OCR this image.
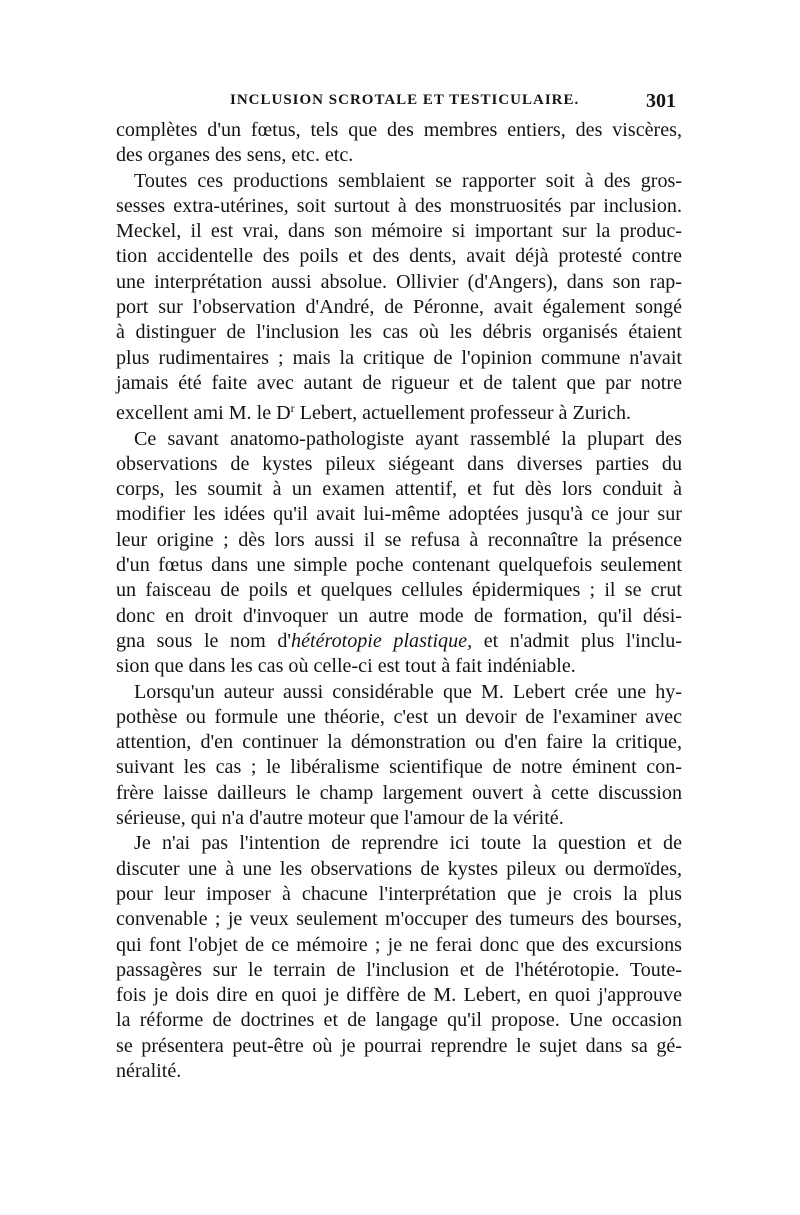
INCLUSION SCROTALE ET TESTICULAIRE.	301

complètes d'un fœtus, tels que des membres entiers, des viscères,
des organes des sens, etc. etc.

Toutes ces productions semblaient se rapporter soit à des gros-
sesses extra-utérines, soit surtout à des monstruosités par inclusion.
Meckel, il est vrai, dans son mémoire si important sur la produc-
tion accidentelle des poils et des dents, avait déjà protesté contre
une interprétation aussi absolue. Ollivier (d'Angers), dans son rap-
port sur l'observation d'André, de Péronne, avait également songé
à distinguer de l'inclusion les cas où les débris organisés étaient
plus rudimentaires ; mais la critique de l'opinion commune n'avait
jamais été faite avec autant de rigueur et de talent que par notre
excellent ami M. le $D^r$ Lebert, actuellement professeur à Zurich.

Ce savant anatomo-pathologiste ayant rassemblé la plupart des
observations de kystes pileux siégeant dans diverses parties du
corps, les soumit à un examen attentif, et fut dès lors conduit à
modifier les idées qu'il avait lui-même adoptées jusqu'à ce jour sur
leur origine ; dès lors aussi il se refusa à reconnaître la présence
d'un fœtus dans une simple poche contenant quelquefois seulement
un faisceau de poils et quelques cellules épidermiques ; il se crut
donc en droit d'invoquer un autre mode de formation, qu'il dési-
gna sous le nom d'hétérotopie plastique, et n'admit plus l'inclu-
sion que dans les cas où celle-ci est tout à fait indéniable.

Lorsqu'un auteur aussi considérable que M. Lebert crée une hy-
pothèse ou formule une théorie, c'est un devoir de l'examiner avec
attention, d'en continuer la démonstration ou d'en faire la critique,
suivant les cas ; le libéralisme scientifique de notre éminent con-
frère laisse dailleurs le champ largement ouvert à cette discussion
sérieuse, qui n'a d'autre moteur que l'amour de la vérité.

Je n'ai pas l'intention de reprendre ici toute la question et de
discuter une à une les observations de kystes pileux ou dermoïdes,
pour leur imposer à chacune l'interprétation que je crois la plus
convenable ; je veux seulement m'occuper des tumeurs des bourses,
qui font l'objet de ce mémoire ; je ne ferai donc que des excursions
passagères sur le terrain de l'inclusion et de l'hétérotopie. Toute-
fois je dois dire en quoi je diffère de M. Lebert, en quoi j'approuve
la réforme de doctrines et de langage qu'il propose. Une occasion
se présentera peut-être où je pourrai reprendre le sujet dans sa gé-
néralité.
